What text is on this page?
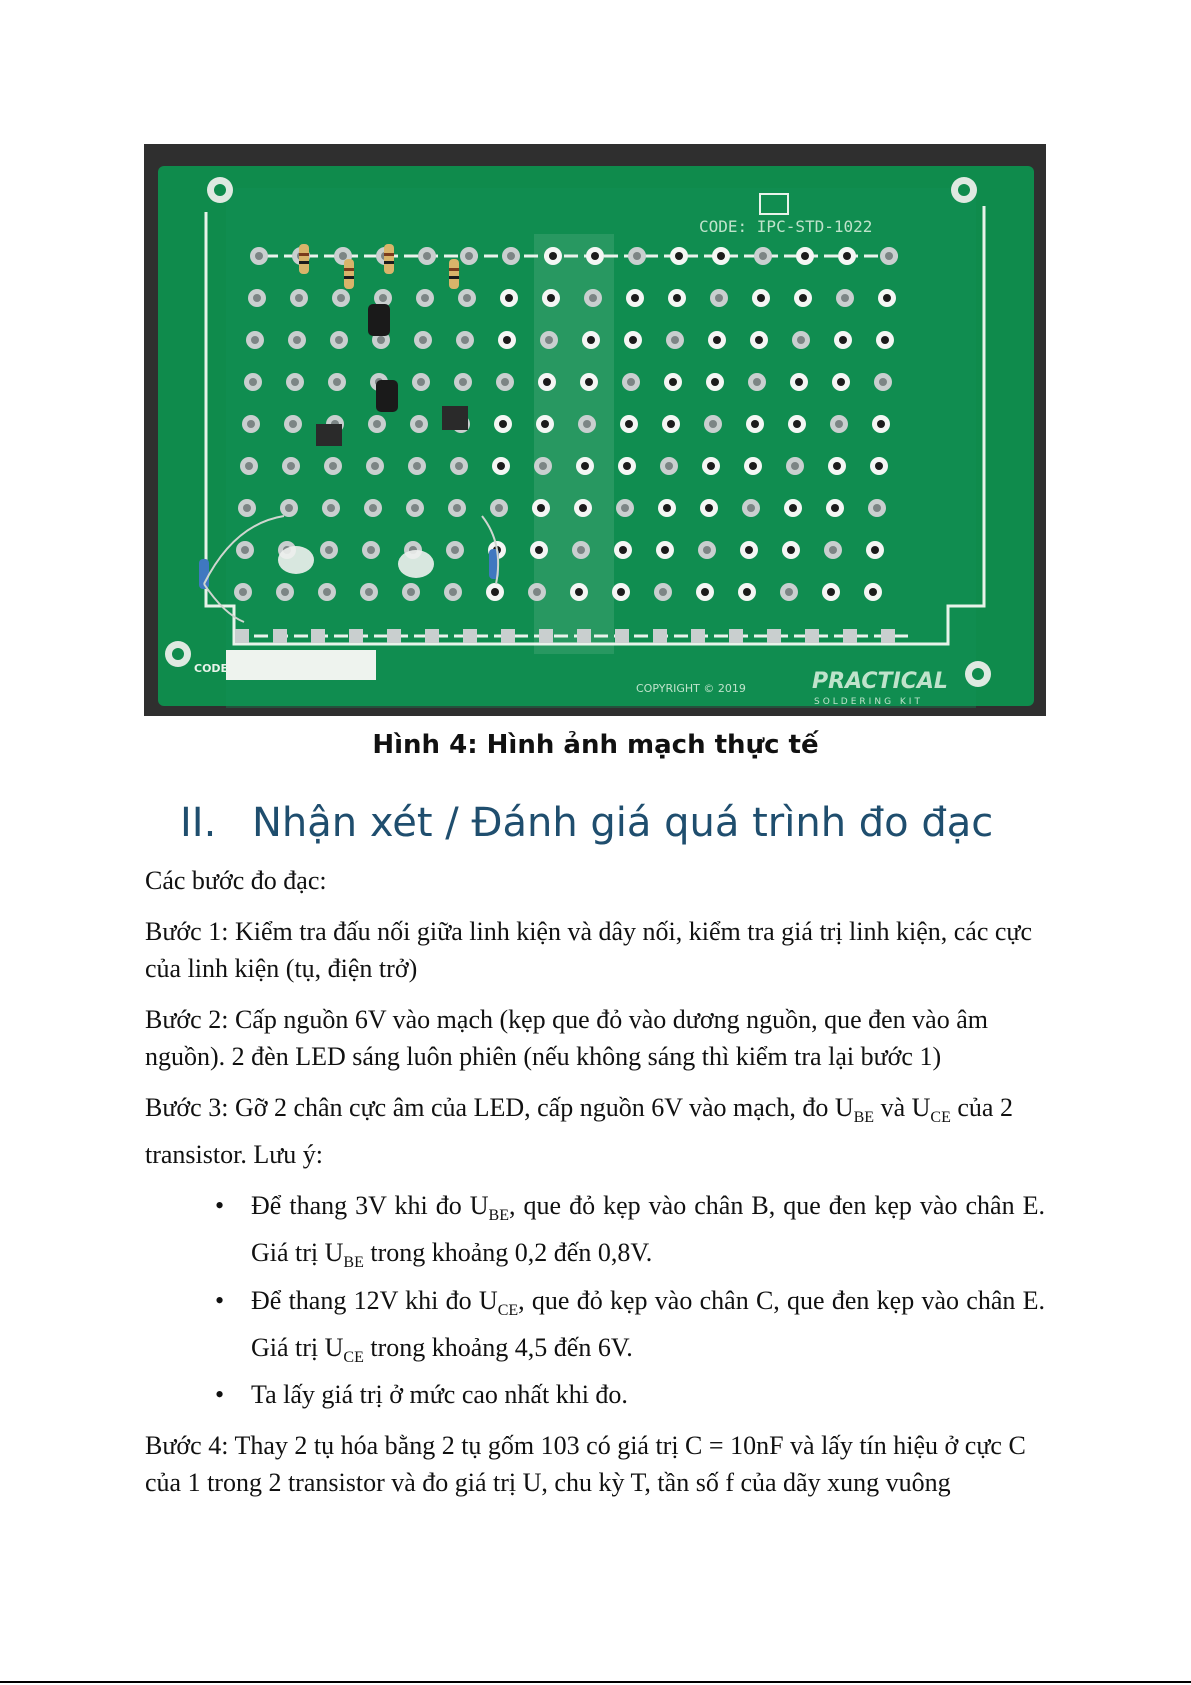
CODE: IPC-STD-1022
CODE
COPYRIGHT © 2019	PRACTICAL
SOLDERING KIT
Hình 4: Hình ảnh mạch thực tế
II. Nhận xét / Đánh giá quá trình đo đạc

Các bước đo đạc:

Bước 1: Kiểm tra đấu nối giữa linh kiện và dây nối, kiểm tra giá trị linh kiện, các cực của linh kiện (tụ, điện trở)

Bước 2: Cấp nguồn 6V vào mạch (kẹp que đỏ vào dương nguồn, que đen vào âm nguồn). 2 đèn LED sáng luôn phiên (nếu không sáng thì kiểm tra lại bước 1)

Bước 3: Gỡ 2 chân cực âm của LED, cấp nguồn 6V vào mạch, đo $U_{BE}$ và $U_{CE}$ của 2 transistor. Lưu ý:

• Để thang 3V khi đo $U_{BE}$, que đỏ kẹp vào chân B, que đen kẹp vào chân E. Giá trị $U_{BE}$ trong khoảng 0,2 đến 0,8V.
• Để thang 12V khi đo $U_{CE}$, que đỏ kẹp vào chân C, que đen kẹp vào chân E. Giá trị $U_{CE}$ trong khoảng 4,5 đến 6V.
• Ta lấy giá trị ở mức cao nhất khi đo.

Bước 4: Thay 2 tụ hóa bằng 2 tụ gốm 103 có giá trị C = 10nF và lấy tín hiệu ở cực C của 1 trong 2 transistor và đo giá trị U, chu kỳ T, tần số f của dãy xung vuông
